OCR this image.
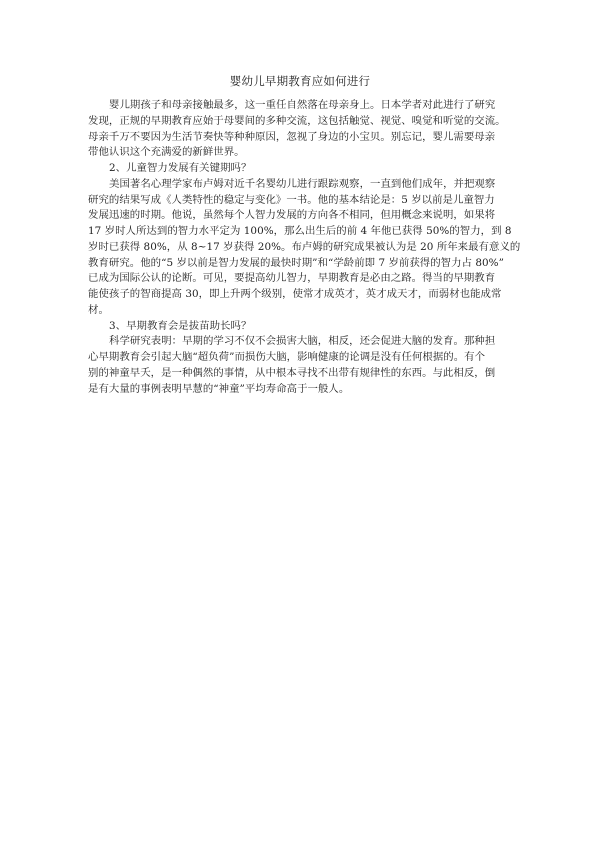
婴幼儿早期教育应如何进行
婴儿期孩子和母亲接触最多，这一重任自然落在母亲身上。日本学者对此进行了研究
发现，正规的早期教育应始于母婴间的多种交流，这包括触觉、视觉、嗅觉和听觉的交流。
母亲千万不要因为生活节奏快等种种原因，忽视了身边的小宝贝。别忘记，婴儿需要母亲
带他认识这个充满爱的新鲜世界。
2、儿童智力发展有关键期吗？
美国著名心理学家布卢姆对近千名婴幼儿进行跟踪观察，一直到他们成年，并把观察
研究的结果写成《人类特性的稳定与变化》一书。他的基本结论是：5 岁以前是儿童智力
发展迅速的时期。他说，虽然每个人智力发展的方向各不相同，但用概念来说明，如果将
17 岁时人所达到的智力水平定为 100%，那么出生后的前 4 年他已获得 50%的智力，到 8
岁时已获得 80%，从 8~17 岁获得 20%。布卢姆的研究成果被认为是 20 所年来最有意义的
教育研究。他的“5 岁以前是智力发展的最快时期”和“学龄前即 7 岁前获得的智力占 80%”
已成为国际公认的论断。可见，要提高幼儿智力，早期教育是必由之路。得当的早期教育
能使孩子的智商提高 30，即上升两个级别，使常才成英才，英才成天才，而弱材也能成常
材。
3、早期教育会是拔苗助长吗？
科学研究表明：早期的学习不仅不会损害大脑，相反，还会促进大脑的发育。那种担
心早期教育会引起大脑“超负荷”而损伤大脑，影响健康的论调是没有任何根据的。有个
别的神童早夭，是一种偶然的事情，从中根本寻找不出带有规律性的东西。与此相反，倒
是有大量的事例表明早慧的“神童”平均寿命高于一般人。
